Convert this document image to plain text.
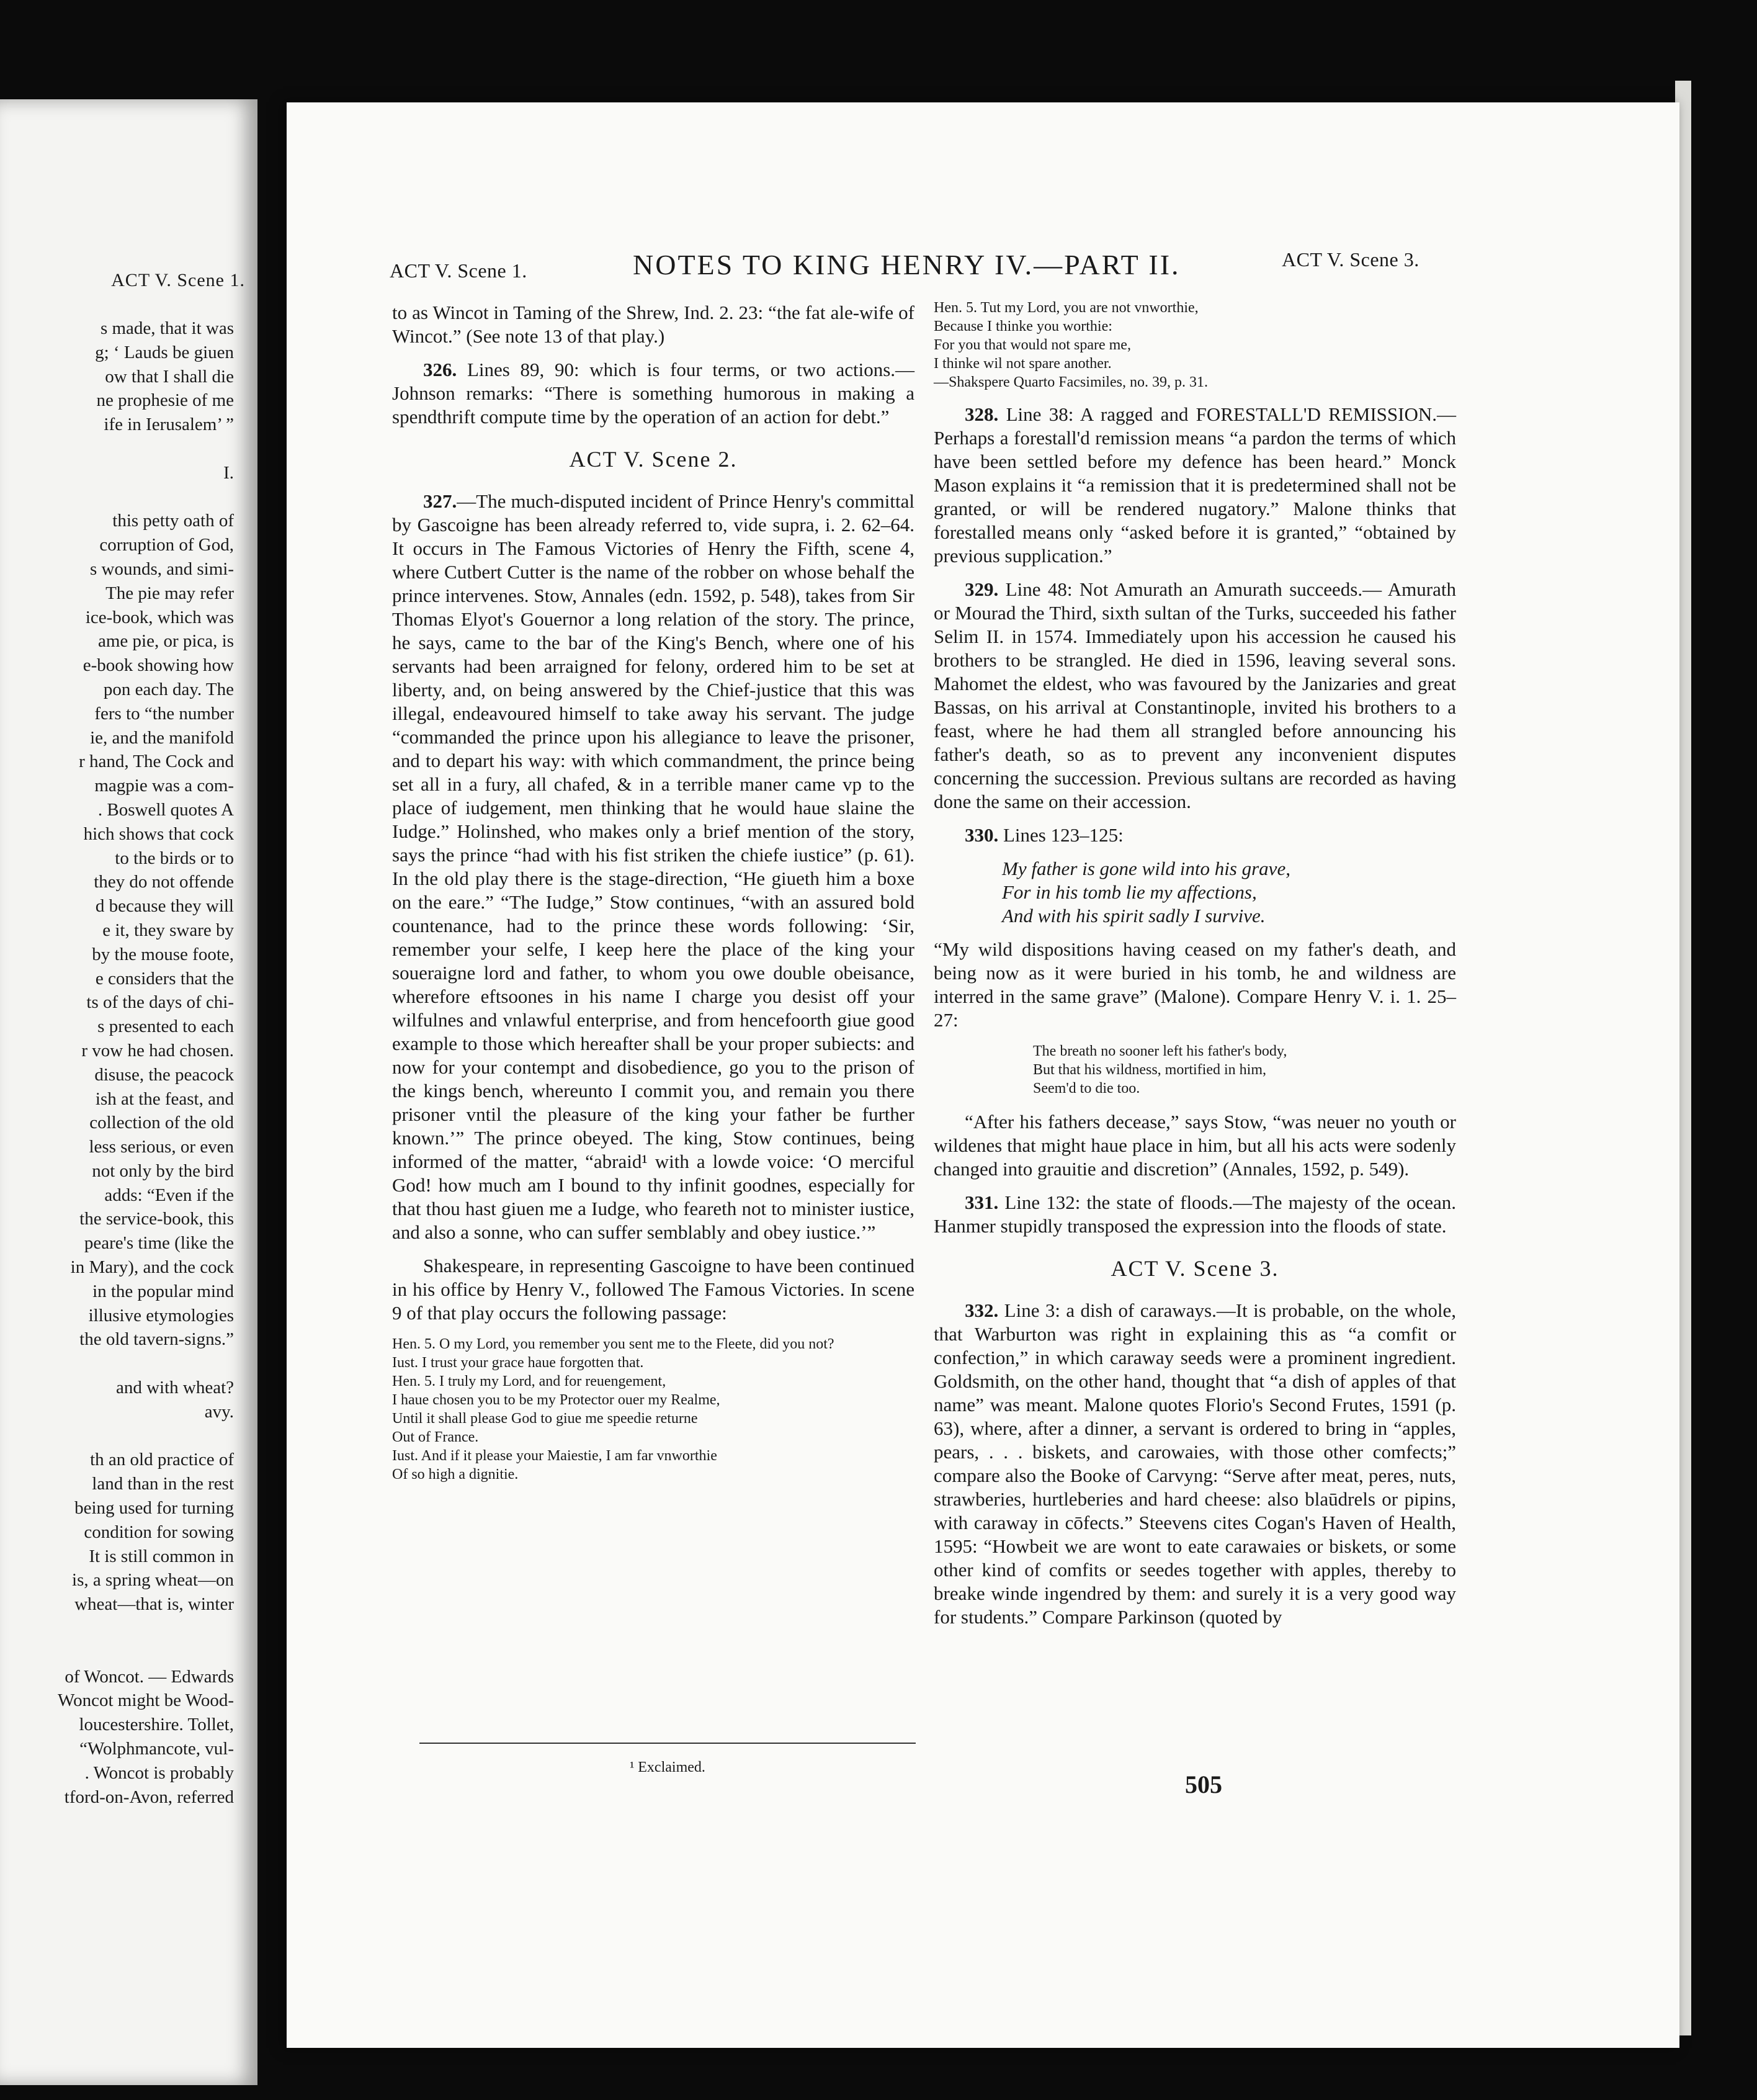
ACT V. Scene 1.
s made, that it was
g; ‘ Lauds be giuen
ow that I shall die
ne prophesie of me
ife in Ierusalem’ ”

I.

this petty oath of
corruption of God,
s wounds, and simi-
The pie may refer
ice-book, which was
ame pie, or pica, is
e-book showing how
pon each day. The
fers to “the number
ie, and the manifold
r hand, The Cock and
magpie was a com-
. Boswell quotes A
hich shows that cock
to the birds or to
they do not offende
d because they will
e it, they sware by
by the mouse foote,
e considers that the
ts of the days of chi-
s presented to each
r vow he had chosen.
disuse, the peacock
ish at the feast, and
collection of the old
less serious, or even
not only by the bird
adds: “Even if the
the service-book, this
peare's time (like the
in Mary), and the cock
in the popular mind
illusive etymologies
the old tavern-signs.”

and with wheat?
avy.

th an old practice of
land than in the rest
being used for turning
condition for sowing
It is still common in
is, a spring wheat—on
wheat—that is, winter

of Woncot. — Edwards
Woncot might be Wood-
loucestershire. Tollet,
“Wolphmancote, vul-
. Woncot is probably
tford-on-Avon, referred
ACT V. Scene 1.	NOTES TO KING HENRY IV.—PART II.	ACT V. Scene 3.

to as Wincot in Taming of the Shrew, Ind. 2. 23: “the fat ale-wife of Wincot.” (See note 13 of that play.)

326. Lines 89, 90: which is four terms, or two actions.— Johnson remarks: “There is something humorous in making a spendthrift compute time by the operation of an action for debt.”

ACT V. Scene 2.

327.—The much-disputed incident of Prince Henry's committal by Gascoigne has been already referred to, vide supra, i. 2. 62–64. It occurs in The Famous Victories of Henry the Fifth, scene 4, where Cutbert Cutter is the name of the robber on whose behalf the prince intervenes. Stow, Annales (edn. 1592, p. 548), takes from Sir Thomas Elyot's Gouernor a long relation of the story. The prince, he says, came to the bar of the King's Bench, where one of his servants had been arraigned for felony, ordered him to be set at liberty, and, on being answered by the Chief-justice that this was illegal, endeavoured himself to take away his servant. The judge “commanded the prince upon his allegiance to leave the prisoner, and to depart his way: with which commandment, the prince being set all in a fury, all chafed, & in a terrible maner came vp to the place of iudgement, men thinking that he would haue slaine the Iudge.” Holinshed, who makes only a brief mention of the story, says the prince “had with his fist striken the chiefe iustice” (p. 61). In the old play there is the stage-direction, “He giueth him a boxe on the eare.” “The Iudge,” Stow continues, “with an assured bold countenance, had to the prince these words following: ‘Sir, remember your selfe, I keep here the place of the king your soueraigne lord and father, to whom you owe double obeisance, wherefore eftsoones in his name I charge you desist off your wilfulnes and vnlawful enterprise, and from hencefoorth giue good example to those which hereafter shall be your proper subiects: and now for your contempt and disobedience, go you to the prison of the kings bench, whereunto I commit you, and remain you there prisoner vntil the pleasure of the king your father be further known.’” The prince obeyed. The king, Stow continues, being informed of the matter, “abraid¹ with a lowde voice: ‘O merciful God! how much am I bound to thy infinit goodnes, especially for that thou hast giuen me a Iudge, who feareth not to minister iustice, and also a sonne, who can suffer semblably and obey iustice.’”

Shakespeare, in representing Gascoigne to have been continued in his office by Henry V., followed The Famous Victories. In scene 9 of that play occurs the following passage:

Hen. 5. O my Lord, you remember you sent me to the Fleete, did you not?
Iust. I trust your grace haue forgotten that.
Hen. 5. I truly my Lord, and for reuengement,
I haue chosen you to be my Protector ouer my Realme,
Until it shall please God to giue me speedie returne
Out of France.
Iust. And if it please your Maiestie, I am far vnworthie
Of so high a dignitie.
¹ Exclaimed.
Hen. 5. Tut my Lord, you are not vnworthie,
Because I thinke you worthie:
For you that would not spare me,
I thinke wil not spare another.
—Shakspere Quarto Facsimiles, no. 39, p. 31.

328. Line 38: A ragged and FORESTALL'D REMISSION.— Perhaps a forestall'd remission means “a pardon the terms of which have been settled before my defence has been heard.” Monck Mason explains it “a remission that it is predetermined shall not be granted, or will be rendered nugatory.” Malone thinks that forestalled means only “asked before it is granted,” “obtained by previous supplication.”

329. Line 48: Not Amurath an Amurath succeeds.— Amurath or Mourad the Third, sixth sultan of the Turks, succeeded his father Selim II. in 1574. Immediately upon his accession he caused his brothers to be strangled. He died in 1596, leaving several sons. Mahomet the eldest, who was favoured by the Janizaries and great Bassas, on his arrival at Constantinople, invited his brothers to a feast, where he had them all strangled before announcing his father's death, so as to prevent any inconvenient disputes concerning the succession. Previous sultans are recorded as having done the same on their accession.

330. Lines 123–125:

My father is gone wild into his grave,
For in his tomb lie my affections,
And with his spirit sadly I survive.

“My wild dispositions having ceased on my father's death, and being now as it were buried in his tomb, he and wildness are interred in the same grave” (Malone). Compare Henry V. i. 1. 25–27:

The breath no sooner left his father's body,
But that his wildness, mortified in him,
Seem'd to die too.

“After his fathers decease,” says Stow, “was neuer no youth or wildenes that might haue place in him, but all his acts were sodenly changed into grauitie and discretion” (Annales, 1592, p. 549).

331. Line 132: the state of floods.—The majesty of the ocean. Hanmer stupidly transposed the expression into the floods of state.

ACT V. Scene 3.

332. Line 3: a dish of caraways.—It is probable, on the whole, that Warburton was right in explaining this as “a comfit or confection,” in which caraway seeds were a prominent ingredient. Goldsmith, on the other hand, thought that “a dish of apples of that name” was meant. Malone quotes Florio's Second Frutes, 1591 (p. 63), where, after a dinner, a servant is ordered to bring in “apples, pears, . . . biskets, and carowaies, with those other comfects;” compare also the Booke of Carvyng: “Serve after meat, peres, nuts, strawberies, hurtleberies and hard cheese: also blaūdrels or pipins, with caraway in cōfects.” Steevens cites Cogan's Haven of Health, 1595: “Howbeit we are wont to eate carawaies or biskets, or some other kind of comfits or seedes together with apples, thereby to breake winde ingendred by them: and surely it is a very good way for students.” Compare Parkinson (quoted by

505
